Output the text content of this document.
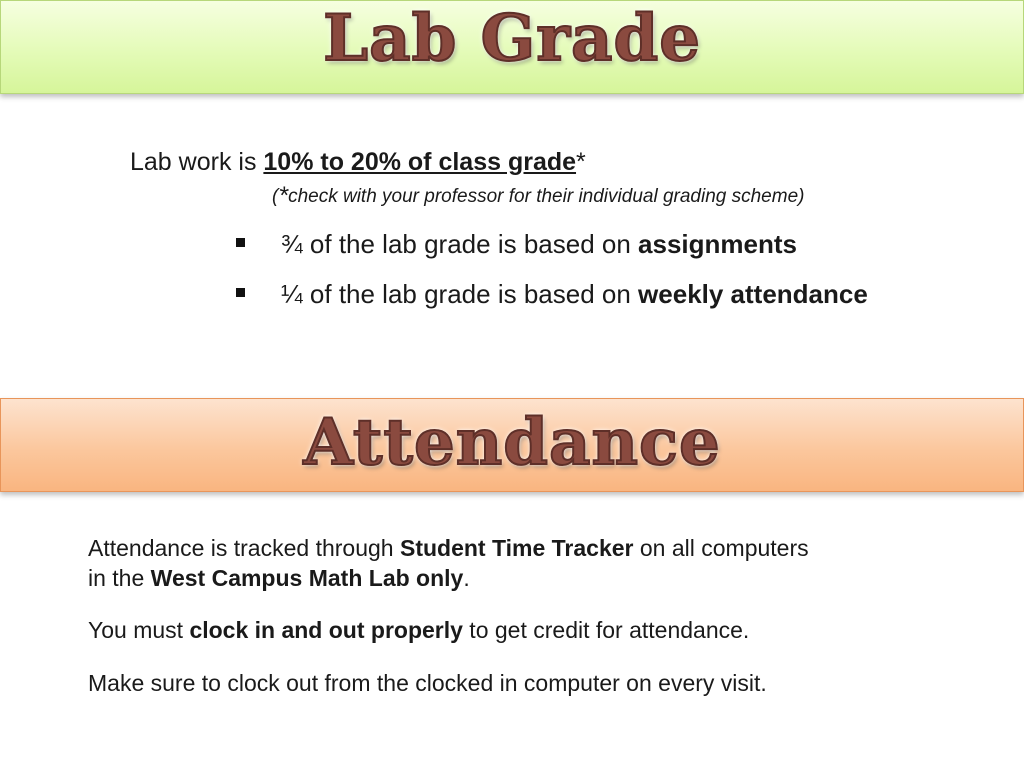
Lab Grade
Lab work is 10% to 20% of class grade*
(*check with your professor for their individual grading scheme)
¾ of the lab grade is based on
assignments
¼ of the lab grade is based on
weekly attendance
Attendance
Attendance is tracked through Student Time Tracker on all computers
in the West Campus Math Lab only.
You must clock in and out properly to get credit for attendance.
Make sure to clock out from the clocked in computer on every visit.
